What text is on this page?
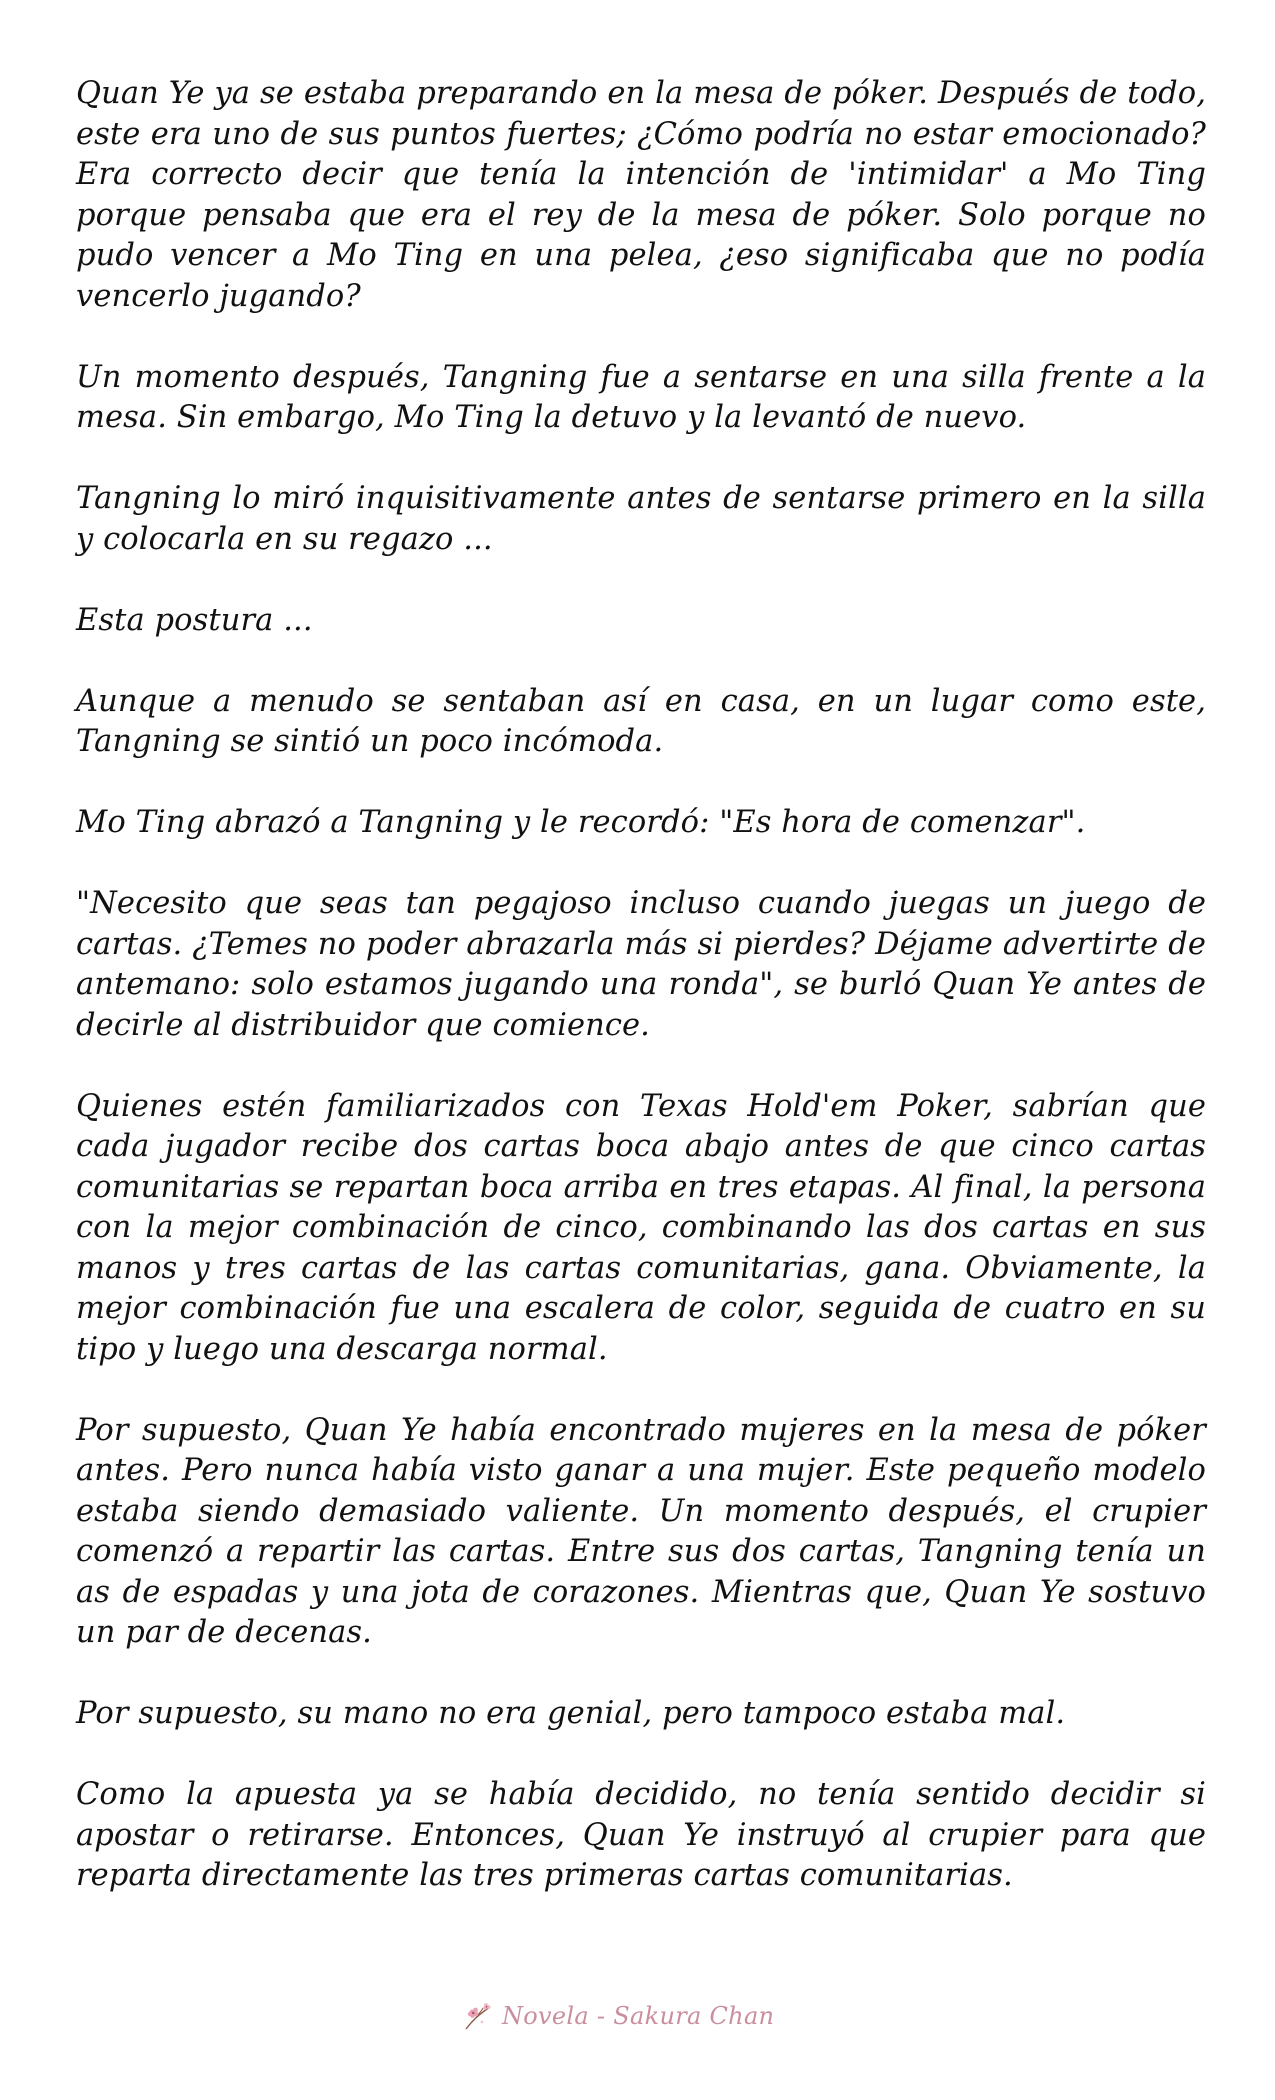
Quan Ye ya se estaba preparando en la mesa de póker. Después de todo, este era uno de sus puntos fuertes; ¿Cómo podría no estar emocionado? Era correcto decir que tenía la intención de 'intimidar' a Mo Ting porque pensaba que era el rey de la mesa de póker. Solo porque no pudo vencer a Mo Ting en una pelea, ¿eso significaba que no podía vencerlo jugando?

Un momento después, Tangning fue a sentarse en una silla frente a la mesa. Sin embargo, Mo Ting la detuvo y la levantó de nuevo.

Tangning lo miró inquisitivamente antes de sentarse primero en la silla y colocarla en su regazo ...

Esta postura ...

Aunque a menudo se sentaban así en casa, en un lugar como este, Tangning se sintió un poco incómoda.

Mo Ting abrazó a Tangning y le recordó: "Es hora de comenzar".

"Necesito que seas tan pegajoso incluso cuando juegas un juego de cartas. ¿Temes no poder abrazarla más si pierdes? Déjame advertirte de antemano: solo estamos jugando una ronda", se burló Quan Ye antes de decirle al distribuidor que comience.

Quienes estén familiarizados con Texas Hold'em Poker, sabrían que cada jugador recibe dos cartas boca abajo antes de que cinco cartas comunitarias se repartan boca arriba en tres etapas. Al final, la persona con la mejor combinación de cinco, combinando las dos cartas en sus manos y tres cartas de las cartas comunitarias, gana. Obviamente, la mejor combinación fue una escalera de color, seguida de cuatro en su tipo y luego una descarga normal.

Por supuesto, Quan Ye había encontrado mujeres en la mesa de póker antes. Pero nunca había visto ganar a una mujer. Este pequeño modelo estaba siendo demasiado valiente. Un momento después, el crupier comenzó a repartir las cartas. Entre sus dos cartas, Tangning tenía un as de espadas y una jota de corazones. Mientras que, Quan Ye sostuvo un par de decenas.

Por supuesto, su mano no era genial, pero tampoco estaba mal.

Como la apuesta ya se había decidido, no tenía sentido decidir si apostar o retirarse. Entonces, Quan Ye instruyó al crupier para que reparta directamente las tres primeras cartas comunitarias.

Novela - Sakura Chan
